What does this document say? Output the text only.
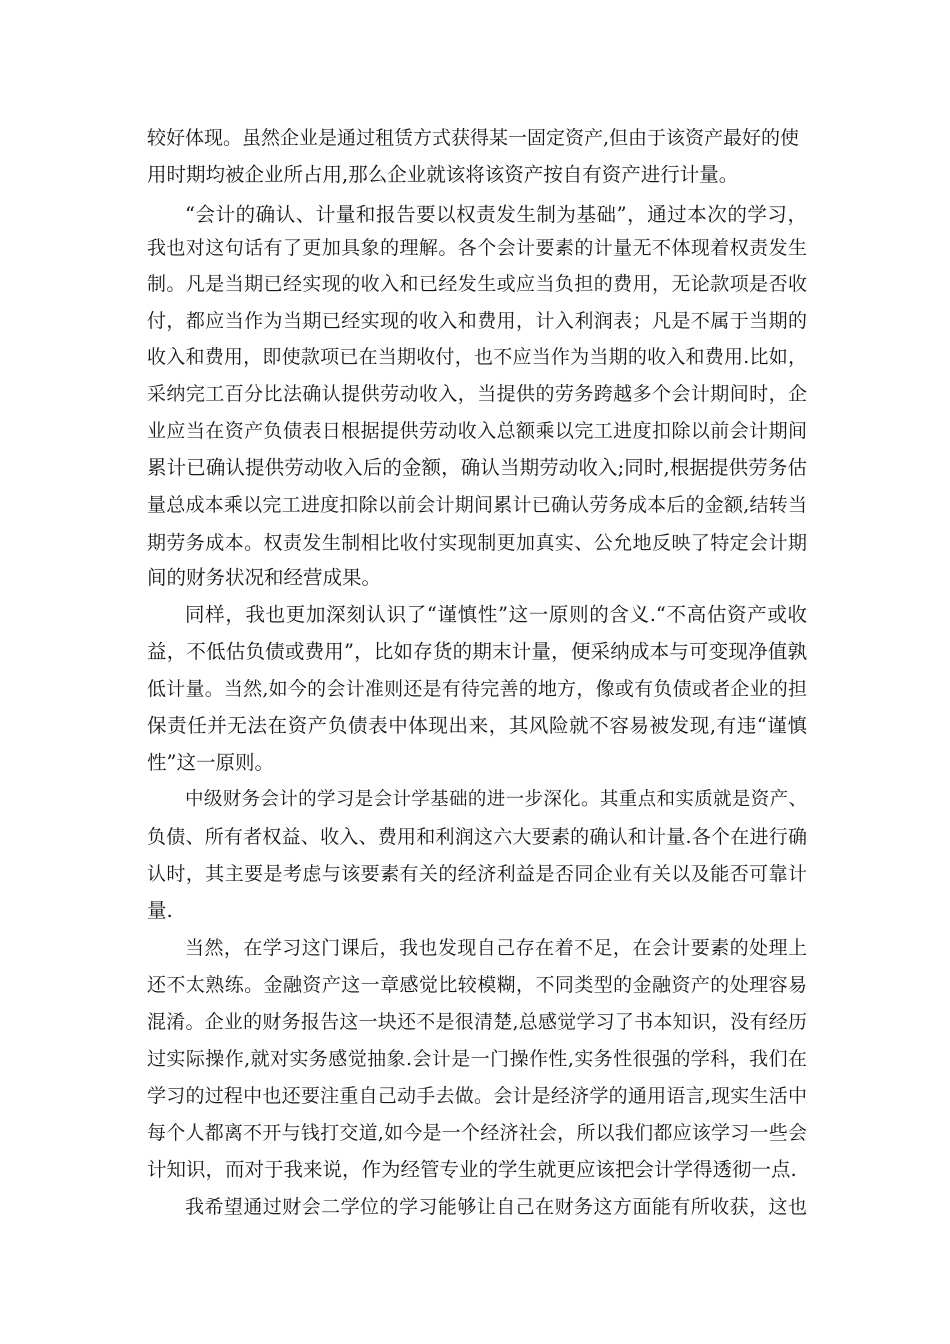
较好体现。虽然企业是通过租赁方式获得某一固定资产,但由于该资产最好的使
用时期均被企业所占用,那么企业就该将该资产按自有资产进行计量。
“会计的确认、计量和报告要以权责发生制为基础”，通过本次的学习，
我也对这句话有了更加具象的理解。各个会计要素的计量无不体现着权责发生
制。凡是当期已经实现的收入和已经发生或应当负担的费用，无论款项是否收
付，都应当作为当期已经实现的收入和费用，计入利润表；凡是不属于当期的
收入和费用，即使款项已在当期收付，也不应当作为当期的收入和费用.比如，
采纳完工百分比法确认提供劳动收入，当提供的劳务跨越多个会计期间时，企
业应当在资产负债表日根据提供劳动收入总额乘以完工进度扣除以前会计期间
累计已确认提供劳动收入后的金额，确认当期劳动收入;同时,根据提供劳务估
量总成本乘以完工进度扣除以前会计期间累计已确认劳务成本后的金额,结转当
期劳务成本。权责发生制相比收付实现制更加真实、公允地反映了特定会计期
间的财务状况和经营成果。
同样，我也更加深刻认识了“谨慎性”这一原则的含义.“不高估资产或收
益，不低估负债或费用”，比如存货的期末计量，便采纳成本与可变现净值孰
低计量。当然,如今的会计准则还是有待完善的地方，像或有负债或者企业的担
保责任并无法在资产负债表中体现出来，其风险就不容易被发现,有违“谨慎
性”这一原则。
中级财务会计的学习是会计学基础的进一步深化。其重点和实质就是资产、
负债、所有者权益、收入、费用和利润这六大要素的确认和计量.各个在进行确
认时，其主要是考虑与该要素有关的经济利益是否同企业有关以及能否可靠计
量.
当然，在学习这门课后，我也发现自己存在着不足，在会计要素的处理上
还不太熟练。金融资产这一章感觉比较模糊，不同类型的金融资产的处理容易
混淆。企业的财务报告这一块还不是很清楚,总感觉学习了书本知识，没有经历
过实际操作,就对实务感觉抽象.会计是一门操作性,实务性很强的学科，我们在
学习的过程中也还要注重自己动手去做。会计是经济学的通用语言,现实生活中
每个人都离不开与钱打交道,如今是一个经济社会，所以我们都应该学习一些会
计知识，而对于我来说，作为经管专业的学生就更应该把会计学得透彻一点.
我希望通过财会二学位的学习能够让自己在财务这方面能有所收获，这也
